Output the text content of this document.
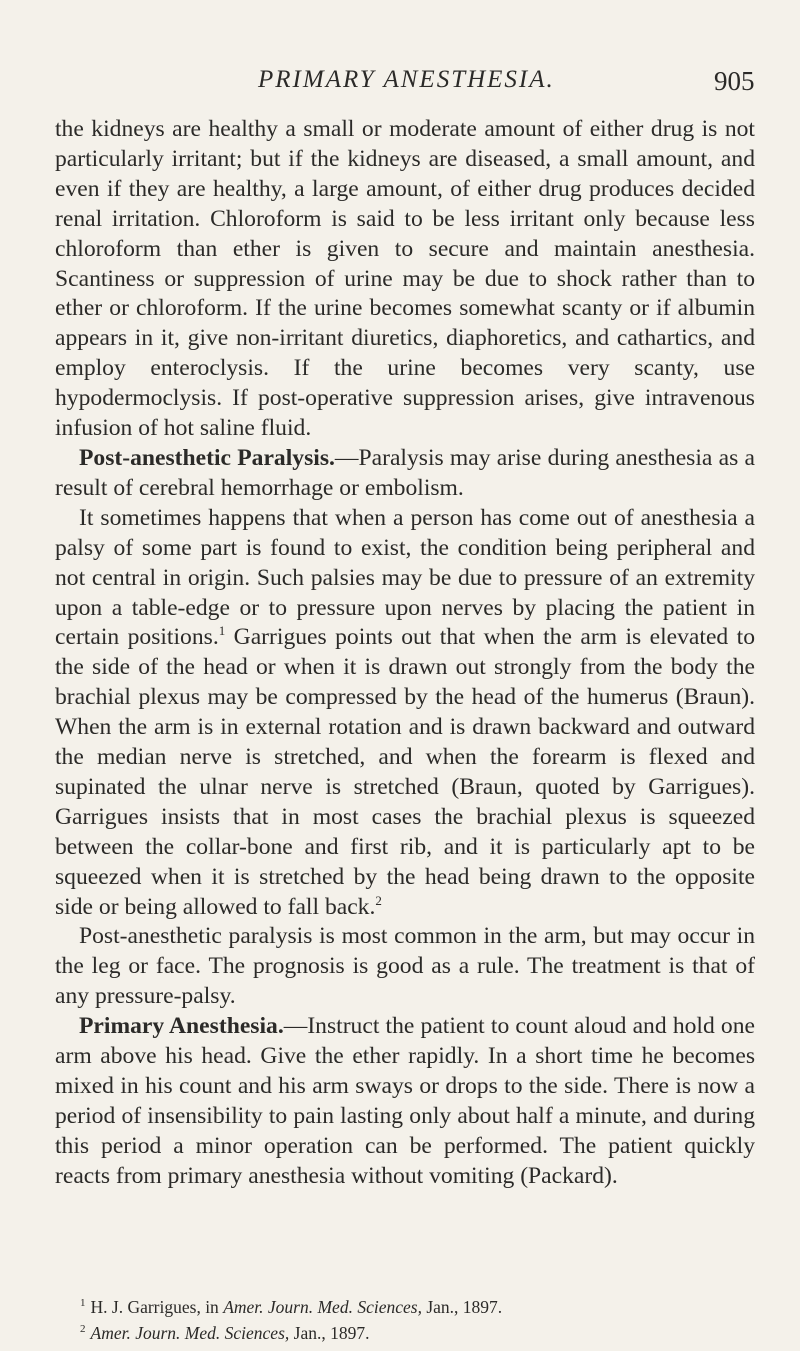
PRIMARY ANESTHESIA.	905

the kidneys are healthy a small or moderate amount of either drug is not particularly irritant; but if the kidneys are diseased, a small amount, and even if they are healthy, a large amount, of either drug produces decided renal irritation. Chloroform is said to be less irritant only because less chloroform than ether is given to secure and maintain anesthesia. Scantiness or suppression of urine may be due to shock rather than to ether or chloroform. If the urine becomes somewhat scanty or if albumin appears in it, give non-irritant diuretics, diaphoretics, and cathartics, and employ enteroclysis. If the urine becomes very scanty, use hypodermoclysis. If post-operative suppression arises, give intravenous infusion of hot saline fluid.

Post-anesthetic Paralysis.—Paralysis may arise during anesthesia as a result of cerebral hemorrhage or embolism.

It sometimes happens that when a person has come out of anesthesia a palsy of some part is found to exist, the condition being peripheral and not central in origin. Such palsies may be due to pressure of an extremity upon a table-edge or to pressure upon nerves by placing the patient in certain positions.$^1$ Garrigues points out that when the arm is elevated to the side of the head or when it is drawn out strongly from the body the brachial plexus may be compressed by the head of the humerus (Braun). When the arm is in external rotation and is drawn backward and outward the median nerve is stretched, and when the forearm is flexed and supinated the ulnar nerve is stretched (Braun, quoted by Garrigues). Garrigues insists that in most cases the brachial plexus is squeezed between the collar-bone and first rib, and it is particularly apt to be squeezed when it is stretched by the head being drawn to the opposite side or being allowed to fall back.$^2$

Post-anesthetic paralysis is most common in the arm, but may occur in the leg or face. The prognosis is good as a rule. The treatment is that of any pressure-palsy.

Primary Anesthesia.—Instruct the patient to count aloud and hold one arm above his head. Give the ether rapidly. In a short time he becomes mixed in his count and his arm sways or drops to the side. There is now a period of insensibility to pain lasting only about half a minute, and during this period a minor operation can be performed. The patient quickly reacts from primary anesthesia without vomiting (Packard).

$^1$ H. J. Garrigues, in Amer. Journ. Med. Sciences, Jan., 1897.

$^2$ Amer. Journ. Med. Sciences, Jan., 1897.
